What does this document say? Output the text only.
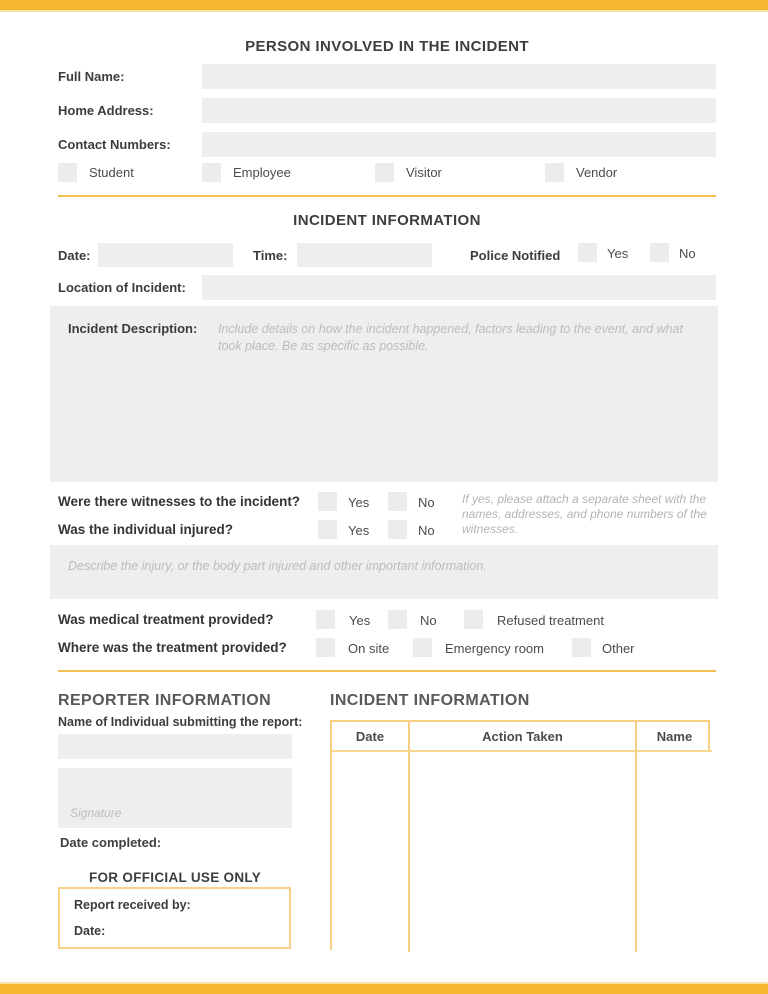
PERSON INVOLVED IN THE INCIDENT
Full Name:
Home Address:
Contact Numbers:
Student	Employee	Visitor	Vendor
INCIDENT INFORMATION
Date:	Time:	Police Notified	Yes	No
Location of Incident:
Incident Description: Include details on how the incident happened, factors leading to the event, and what took place. Be as specific as possible.
Were there witnesses to the incident?	Yes	No If yes, please attach a separate sheet with the names, addresses, and phone numbers of the witnesses.
Was the individual injured?	Yes	No
Describe the injury, or the body part injured and other important information.
Was medical treatment provided?	Yes	No	Refused treatment
Where was the treatment provided?	On site	Emergency room	Other
REPORTER INFORMATION
Name of Individual submitting the report:
Signature
Date completed:
FOR OFFICIAL USE ONLY
Report received by:
Date:
INCIDENT INFORMATION
Date	Action Taken	Name
